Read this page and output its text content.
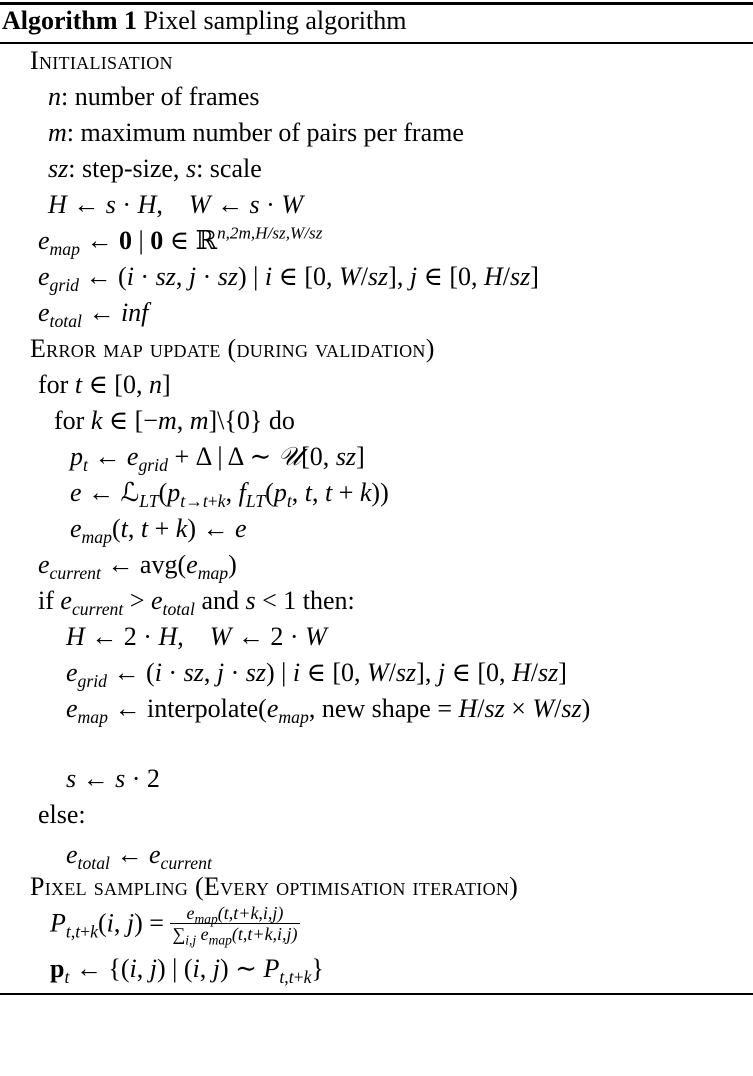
Algorithm 1 Pixel sampling algorithm
Initialisation
n: number of frames
m: maximum number of pairs per frame
sz: step-size, s: scale
H ← s · H,    W ← s · W
$e_{map}$ ← 0 | 0 ∈ ℝ$^{n,2m,H/sz,W/sz}$
$e_{grid}$ ← (i · sz, j · sz) | i ∈ [0, W/sz], j ∈ [0, H/sz]
$e_{total}$ ← inf
Error map update (during validation)
for t ∈ [0, n]
for k ∈ [−m, m]\{0} do
$p_t$ ← $e_{grid} + \Delta$ | Δ ∼ 𝒰[0, sz]
e ← $ℒ_{LT}(p_{t\to t+k}$, $f_{LT}(p_t$, t, t + k))
$e_{map}(t$, t + k) ← e
$e_{current}$ ← $avg(e_{map})$
if $e_{current} > e_{total}$ and s < 1 then:
H ← 2 · H,    W ← 2 · W
$e_{grid}$ ← (i · sz, j · sz) | i ∈ [0, W/sz], j ∈ [0, H/sz]
$e_{map}$ ← $interpolate(e_{map}$, new shape = H/sz × W/sz)
s ← s · 2
else:
$e_{total}$ ← $e_{current}$
Pixel sampling (Every optimisation iteration)
$P_{t,t+k}(i$, $j) = \frac{e_{map}(t,t+k,i,j)}{\sum_{i,j} e_{map}(t,t+k,i,j)}$
$p_t$ ← {(i, j) | (i, j) ∼ $P_{t,t+k}$}
